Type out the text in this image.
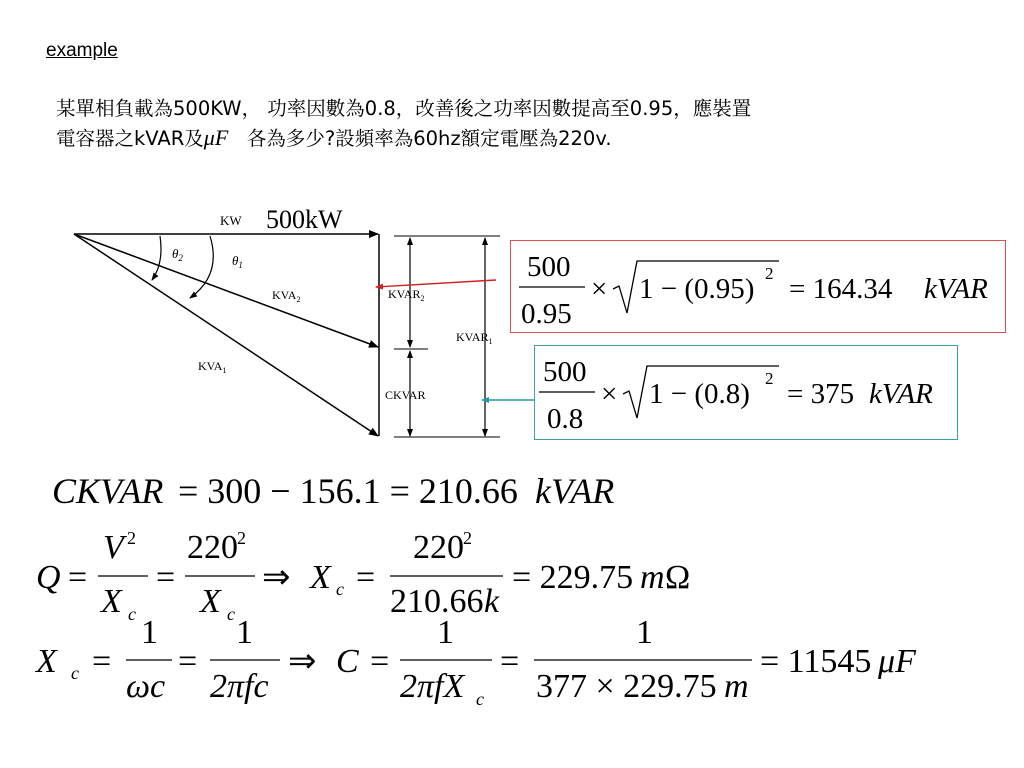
example
某單相負載為500KW， 功率因數為0.8，改善後之功率因數提高至0.95，應裝置
電容器之kVAR及μF   各為多少?設頻率為60hz額定電壓為220v.
KW 500kW
$\theta_2$	$\theta_1$
$KVA_2$
$KVA_1$
$KVAR_2$
$KVAR_1$
CKVAR
500
0.95
× 1 − (0.95) 2 = 164.34 kVAR
500
0.8
× 1 − (0.8) 2 = 375 kVAR
CKVAR = 300 − 156.1 = 210.66 kVAR
Q =
V 2
X c
=
220 2
X c
⇒ X c =
220 2
210.66 k
= 229.75 m Ω
X c =
1
ωc
=
1
2πfc
⇒ C =
1
2πfX c
=
1
377 × 229.75 m
= 11545 μF
